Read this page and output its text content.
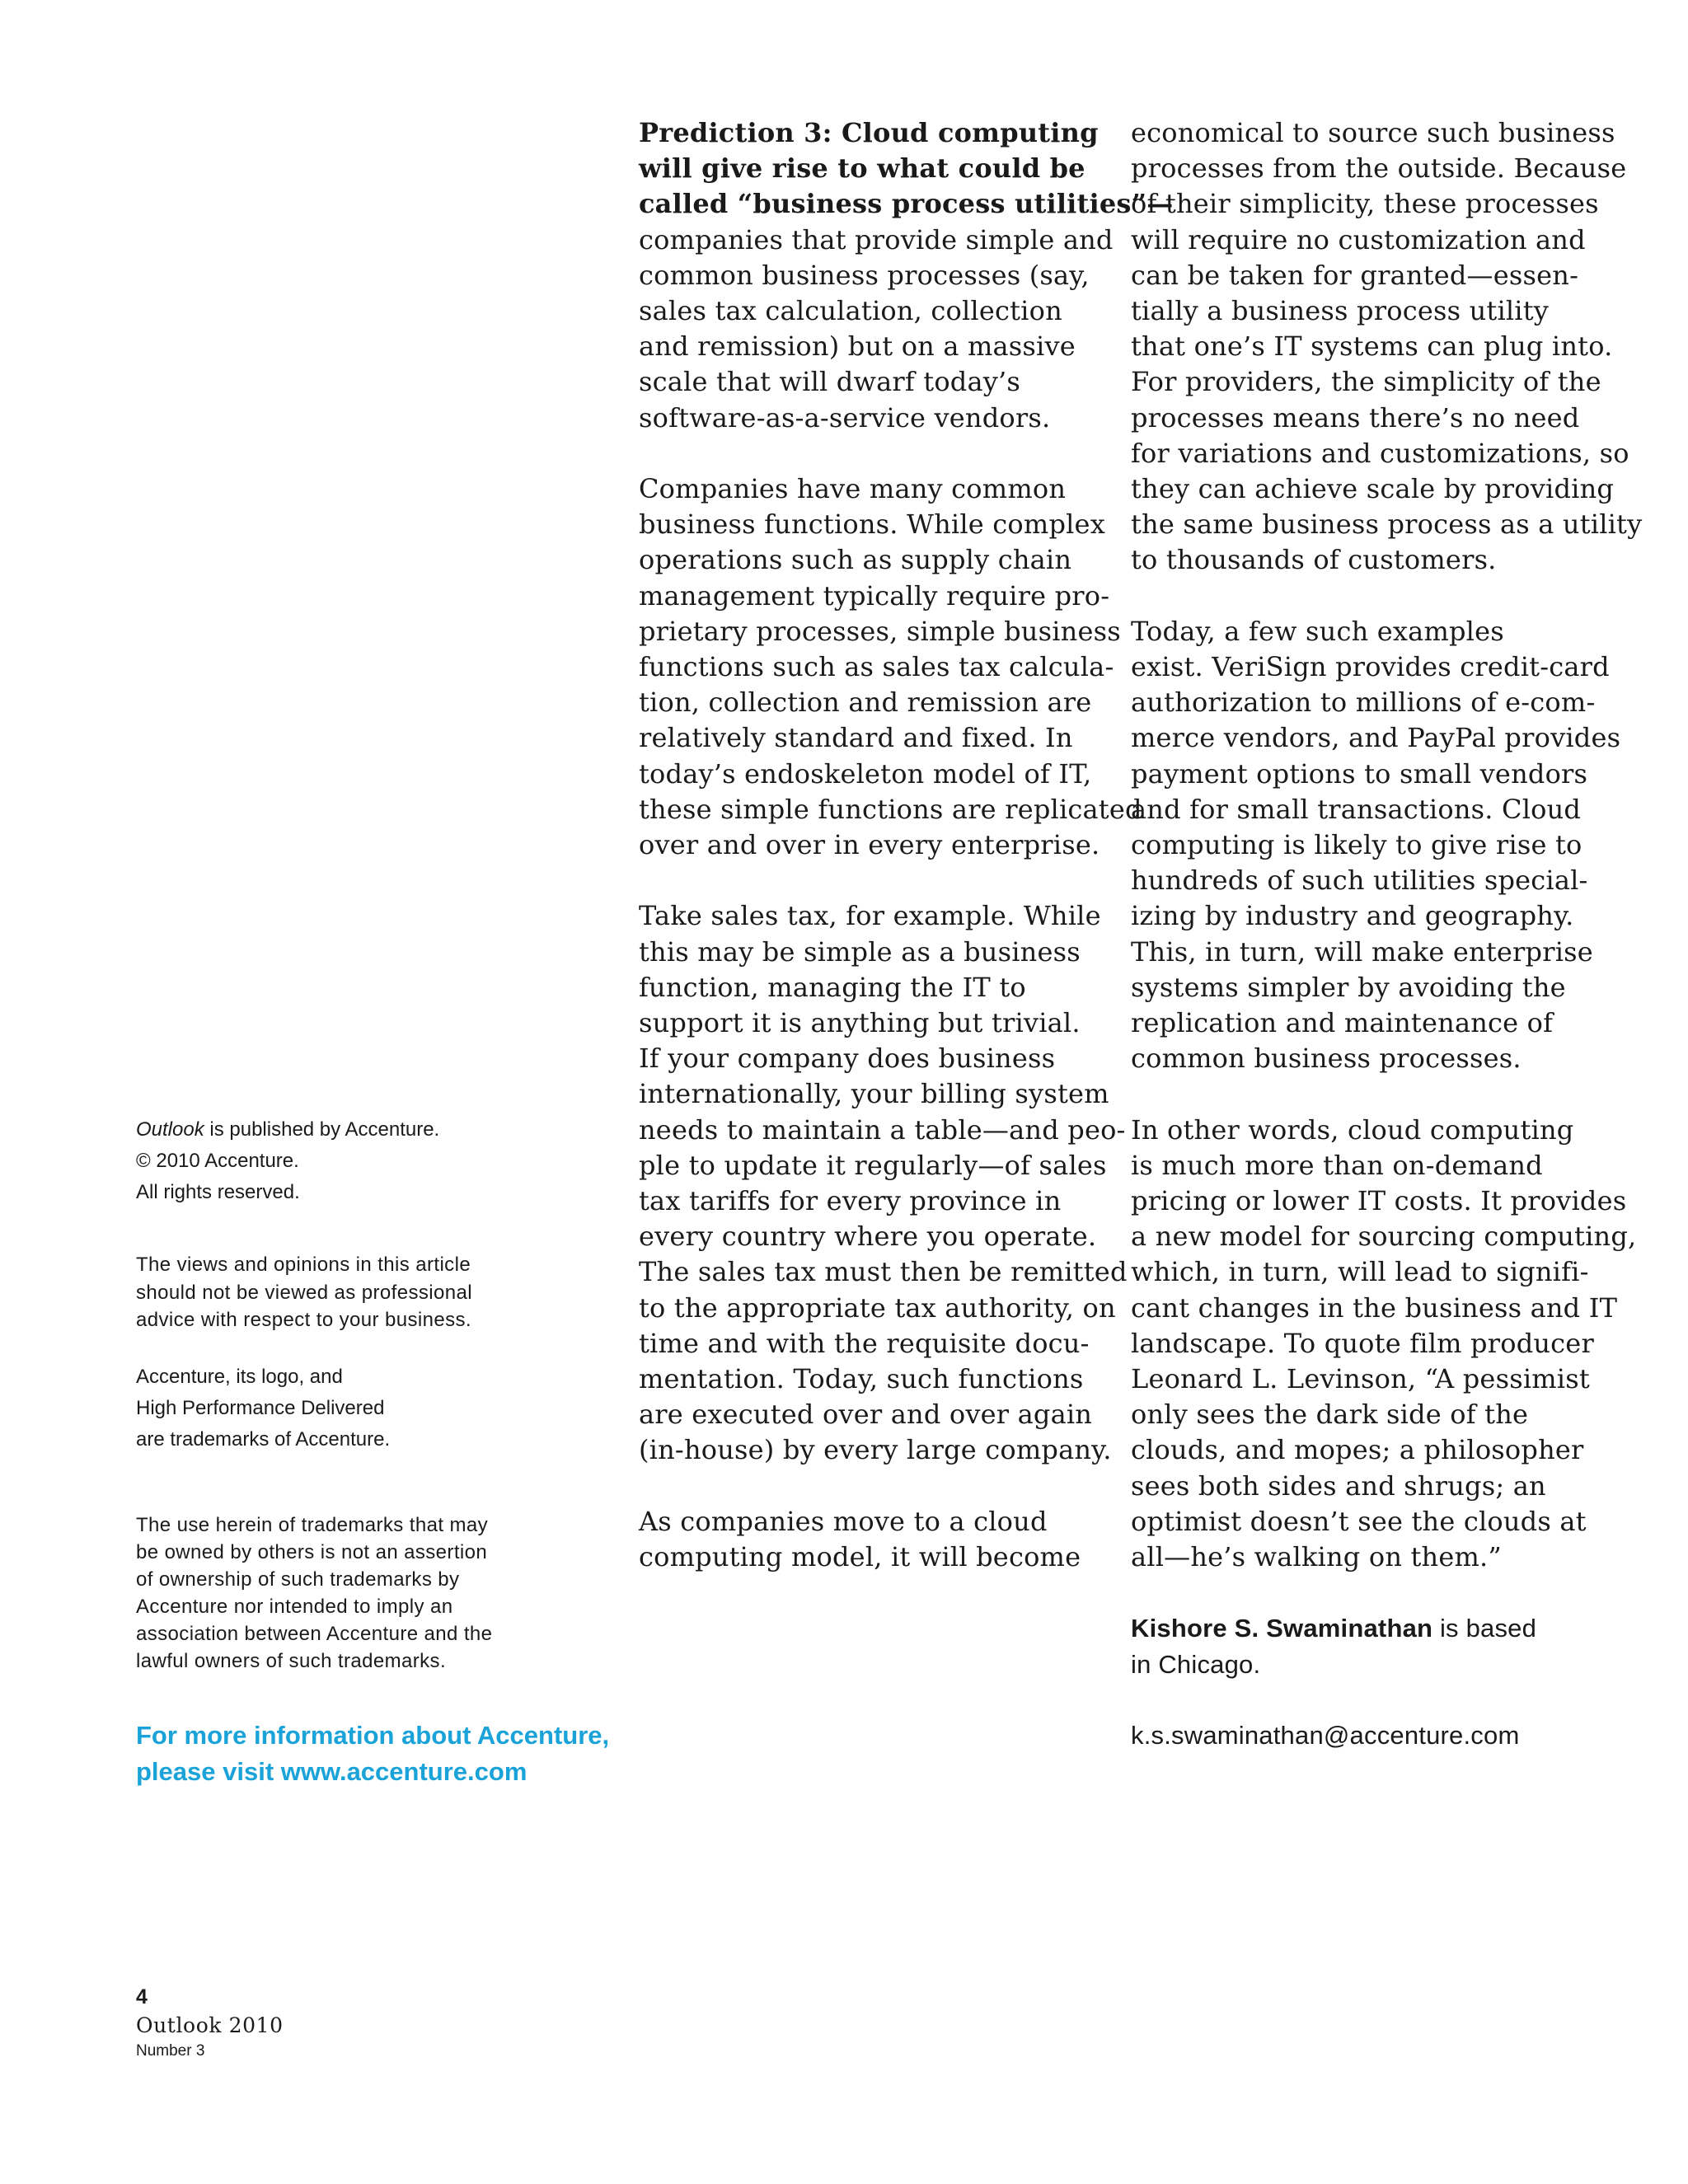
Prediction 3: Cloud computing
will give rise to what could be
called “business process utilities”—
companies that provide simple and
common business processes (say,
sales tax calculation, collection
and remission) but on a massive
scale that will dwarf today’s
software-as-a-service vendors.

Companies have many common
business functions. While complex
operations such as supply chain
management typically require pro-
prietary processes, simple business
functions such as sales tax calcula-
tion, collection and remission are
relatively standard and fixed. In
today’s endoskeleton model of IT,
these simple functions are replicated
over and over in every enterprise.

Take sales tax, for example. While
this may be simple as a business
function, managing the IT to
support it is anything but trivial.
If your company does business
internationally, your billing system
needs to maintain a table—and peo-
ple to update it regularly—of sales
tax tariffs for every province in
every country where you operate.
The sales tax must then be remitted
to the appropriate tax authority, on
time and with the requisite docu-
mentation. Today, such functions
are executed over and over again
(in-house) by every large company.

As companies move to a cloud
computing model, it will become

economical to source such business
processes from the outside. Because
of their simplicity, these processes
will require no customization and
can be taken for granted—essen-
tially a business process utility
that one’s IT systems can plug into.
For providers, the simplicity of the
processes means there’s no need
for variations and customizations, so
they can achieve scale by providing
the same business process as a utility
to thousands of customers.

Today, a few such examples
exist. VeriSign provides credit-card
authorization to millions of e-com-
merce vendors, and PayPal provides
payment options to small vendors
and for small transactions. Cloud
computing is likely to give rise to
hundreds of such utilities special-
izing by industry and geography.
This, in turn, will make enterprise
systems simpler by avoiding the
replication and maintenance of
common business processes.

In other words, cloud computing
is much more than on-demand
pricing or lower IT costs. It provides
a new model for sourcing computing,
which, in turn, will lead to signifi-
cant changes in the business and IT
landscape. To quote film producer
Leonard L. Levinson, “A pessimist
only sees the dark side of the
clouds, and mopes; a philosopher
sees both sides and shrugs; an
optimist doesn’t see the clouds at
all—he’s walking on them.”

Kishore S. Swaminathan is based
in Chicago.

k.s.swaminathan@accenture.com

Outlook is published by Accenture.
© 2010 Accenture.
All rights reserved.
The views and opinions in this article
should not be viewed as professional
advice with respect to your business.
Accenture, its logo, and
High Performance Delivered
are trademarks of Accenture.
The use herein of trademarks that may
be owned by others is not an assertion
of ownership of such trademarks by
Accenture nor intended to imply an
association between Accenture and the
lawful owners of such trademarks.
For more information about Accenture,
please visit www.accenture.com
4
Outlook 2010
Number 3
